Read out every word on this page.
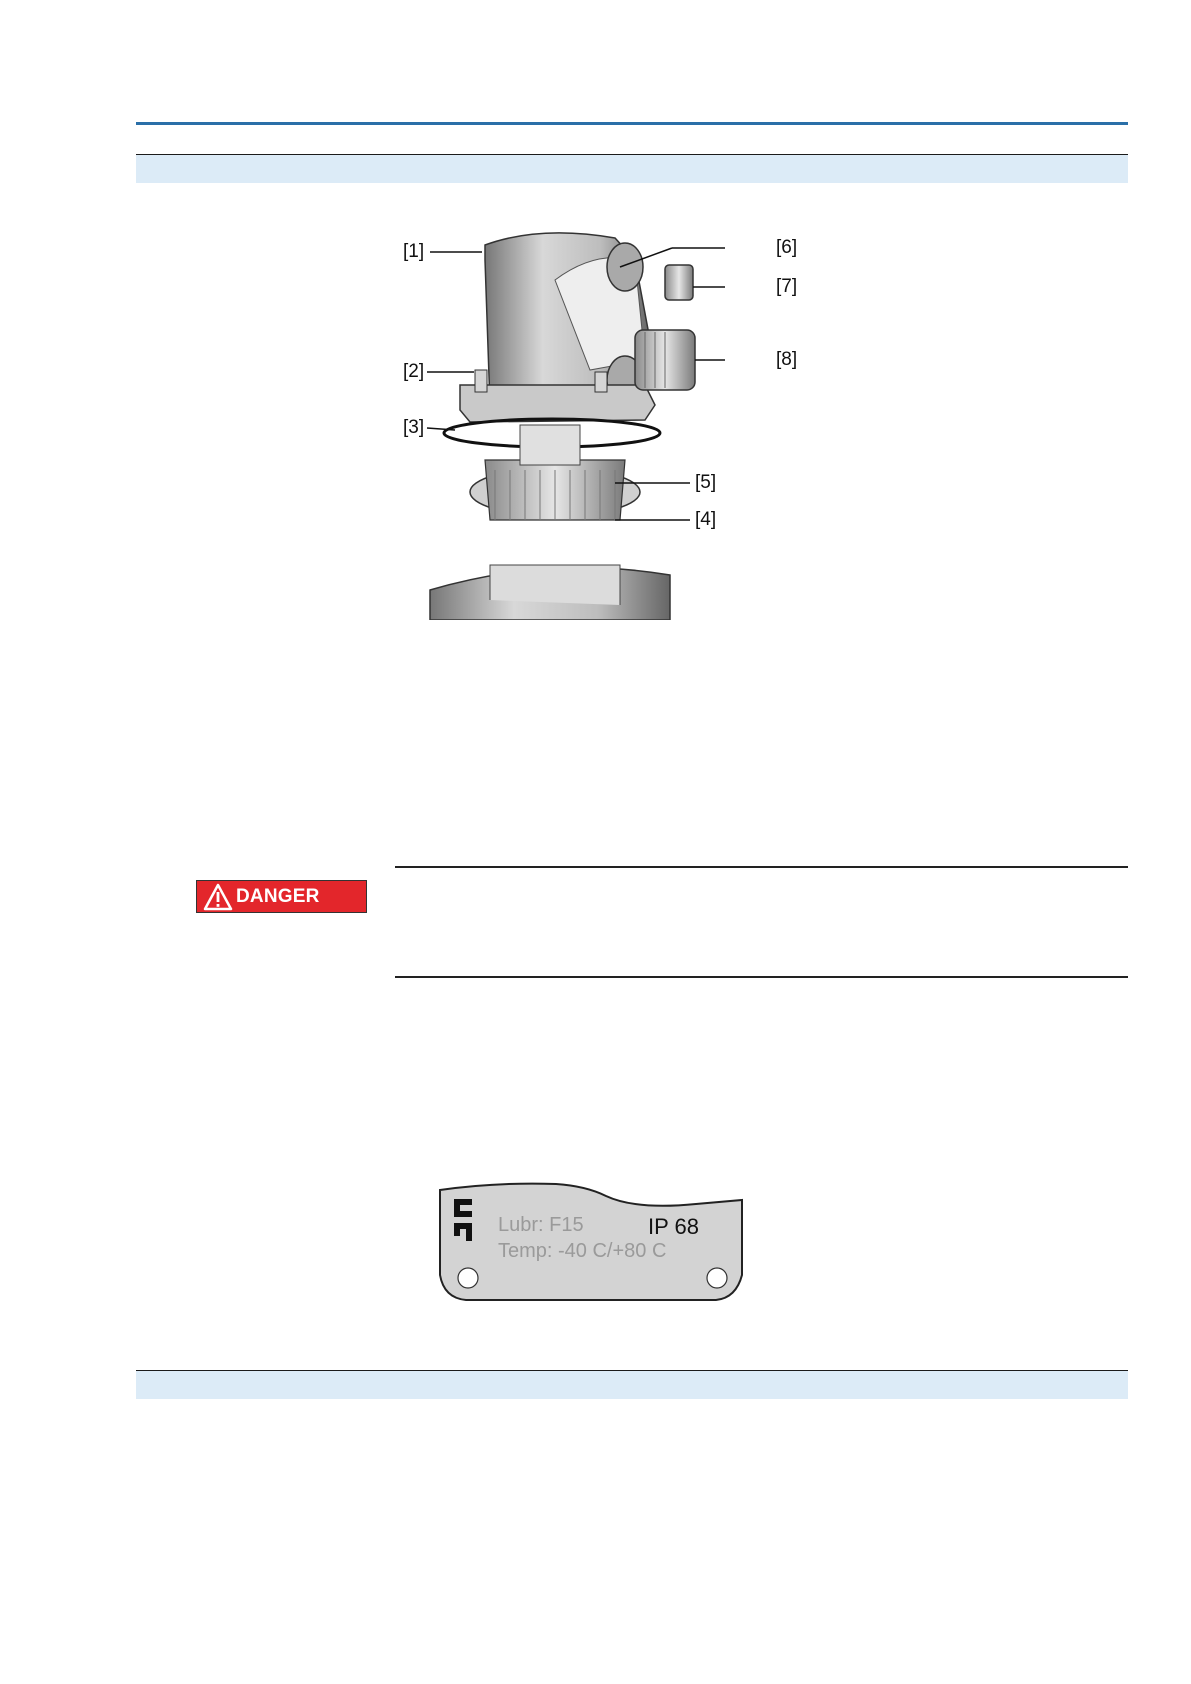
[1]
[2]
[3]
[4]
[5]
[6]
[7]
[8]
DANGER
Lubr: F15
Temp: -40 C/+80 C
IP 68
